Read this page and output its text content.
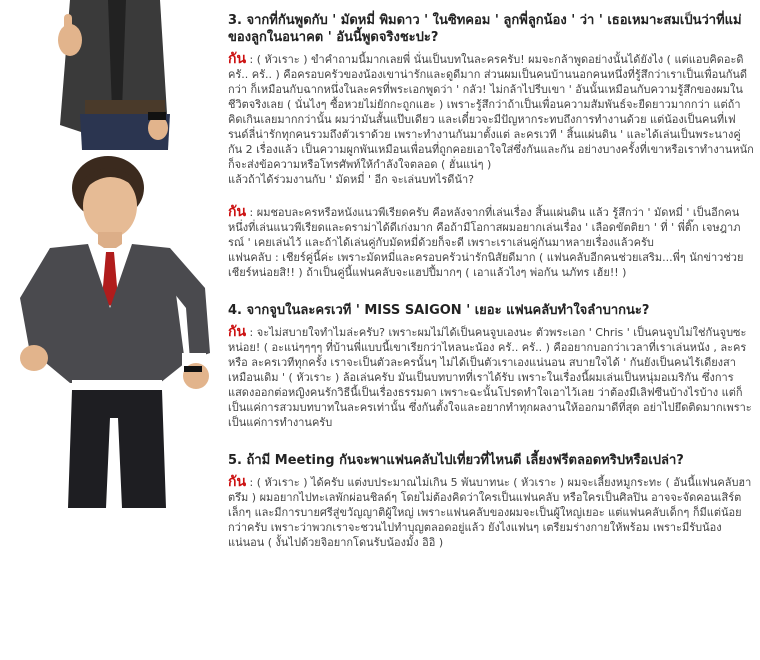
3. จากที่กันพูดกับ ' มัดหมี่ พิมดาว ' ในซิทคอม ' ลูกพี่ลูกน้อง ' ว่า ' เธอเหมาะสมเป็นว่าที่แม่ของลูกในอนาคต ' อันนี้พูดจริงชะปะ?

กัน : ( หัวเราะ ) ขำคำถามนี้มากเลยพี่ นั่นเป็นบทในละครครับ! ผมจะกล้าพูดอย่างนั้นได้ยังไง ( แต่แอบคิดอะดิ ครั.. ครั.. ) คือครอบครัวของน้องเขาน่ารักและดูดีมาก ส่วนผมเป็นคนบ้านนอกคนหนึ่งที่รู้สึกว่าเราเป็นเพื่อนกันดีกว่า ก็เหมือนกับฉากหนึ่งในละครที่พระเอกพูดว่า ' กลัว! ไม่กล้าไปรีบเขา ' อันนั้นเหมือนกับความรู้สึกของผมในชีวิตจริงเลย ( นั่นไงๆ ซื้อหวยไม่ยักกะถูกแฮะ ) เพราะรู้สึกว่าถ้าเป็นเพื่อนความสัมพันธ์จะยืดยาวมากกว่า แต่ถ้าคิดเกินเลยมากกว่านั้น ผมว่ามันสั้นแป๊บเดียว และเดี๋ยวจะมีปัญหากระทบถึงการทำงานด้วย แต่น้องเป็นคนที่เฟรนด์ลี่น่ารักทุกคนรวมถึงตัวเราด้วย เพราะทำงานกันมาตั้งแต่ ละครเวที ' สิ้นแผ่นดิน ' และได้เล่นเป็นพระนางคู่กัน 2 เรื่องแล้ว เป็นความผูกพันเหมือนเพื่อนที่ถูกคอยเอาใจใส่ซึ่งกันและกัน อย่างบางครั้งที่เขาหรือเราทำงานหนักก็จะส่งข้อความหรือโทรศัพท์ให้กำลังใจตลอด ( ฮั่นแน่ๆ )

แล้วถ้าได้ร่วมงานกับ ' มัดหมี่ ' อีก จะเล่นบทไรดีน้า?

กัน : ผมชอบละครหรือหนังแนวพีเรียดครับ คือหลังจากที่เล่นเรื่อง สิ้นแผ่นดิน แล้ว รู้สึกว่า ' มัดหมี่ ' เป็นอีกคนหนึ่งที่เล่นแนวพีเรียดและดราม่าได้ดีเก่งมาก คือถ้ามีโอกาสผมอยากเล่นเรื่อง ' เลือดขัตติยา ' ที่ ' พี่ติ๊ก เจษฎาภรณ์ ' เคยเล่นไว้ และถ้าได้เล่นคู่กับมัดหมี่ด้วยก็จะดี เพราะเราเล่นคู่กันมาหลายเรื่องแล้วครับ

แฟนคลับ : เชียร์คู่นี้ค่ะ เพราะมัดหมี่และครอบครัวน่ารักนิสัยดีมาก ( แฟนคลับอีกคนช่วยเสริม...พี่ๆ นักข่าวช่วยเชียร์หน่อยสิ!! ) ถ้าเป็นคู่นี้แฟนคลับจะแฮปปี้มากๆ ( เอาแล้วไงๆ พ่อกัน นภัทร เฮ้ย!! )

4. จากจูบในละครเวที ' MISS SAIGON ' เยอะ แฟนคลับทำใจลำบากนะ?

กัน : จะไม่สบายใจทำไมล่ะครับ? เพราะผมไม่ได้เป็นคนจูบเองนะ ตัวพระเอก ' Chris ' เป็นคนจูบไม่ใช่กันจูบซะหน่อย! ( อะแน่ๆๆๆๆ ที่บ้านพี่แบบนี้เขาเรียกว่าไหลนะน้อง ครั.. ครั.. ) คืออยากบอกว่าเวลาที่เราเล่นหนัง , ละคร หรือ ละครเวทีทุกครั้ง เราจะเป็นตัวละครนั้นๆ ไม่ได้เป็นตัวเราเองแน่นอน สบายใจได้ ' กันยังเป็นคนไร้เดียงสาเหมือนเดิม ' ( หัวเราะ ) ล้อเล่นครับ มันเป็นบทบาทที่เราได้รับ เพราะในเรื่องนี้ผมเล่นเป็นหนุ่มอเมริกัน ซึ่งการแสดงออกต่อหญิงคนรักวิธีนี้เป็นเรื่องธรรมดา เพราะฉะนั้นโปรดทำใจเอาไว้เลย ว่าต้องมีเลิฟซีนบ้างไรบ้าง แต่ก็เป็นแค่การสวมบทบาทในละครเท่านั้น ซึ่งกันตั้งใจและอยากทำทุกผลงานให้ออกมาดีที่สุด อย่าไปยึดติดมากเพราะเป็นแค่การทำงานครับ

5. ถ้ามี Meeting กันจะพาแฟนคลับไปเที่ยวที่ไหนดี เลี้ยงฟรีตลอดทริปหรือเปล่า?

กัน : ( หัวเราะ ) ได้ครับ แต่งบประมาณไม่เกิน 5 พันบาทนะ ( หัวเราะ ) ผมจะเลี้ยงหมูกระทะ ( อันนี้แฟนคลับฮาตรึม ) ผมอยากไปทะเลพักผ่อนชิลด์ๆ โดยไม่ต้องคิดว่าใครเป็นแฟนคลับ หรือใครเป็นศิลปิน อาจจะจัดคอนเสิร์ตเล็กๆ และมีการบายศรีสู่ขวัญญาติผู้ใหญ่ เพราะแฟนคลับของผมจะเป็นผู้ใหญ่เยอะ แต่แฟนคลับเด็กๆ ก็มีแต่น้อยกว่าครับ เพราะว่าพวกเราจะชวนไปทำบุญตลอดอยู่แล้ว ยังไงแฟนๆ เตรียมร่างกายให้พร้อม เพราะมีรับน้องแน่นอน ( งั้นไปด้วยจิอยากโดนรับน้องมั้ง อิอิ )
